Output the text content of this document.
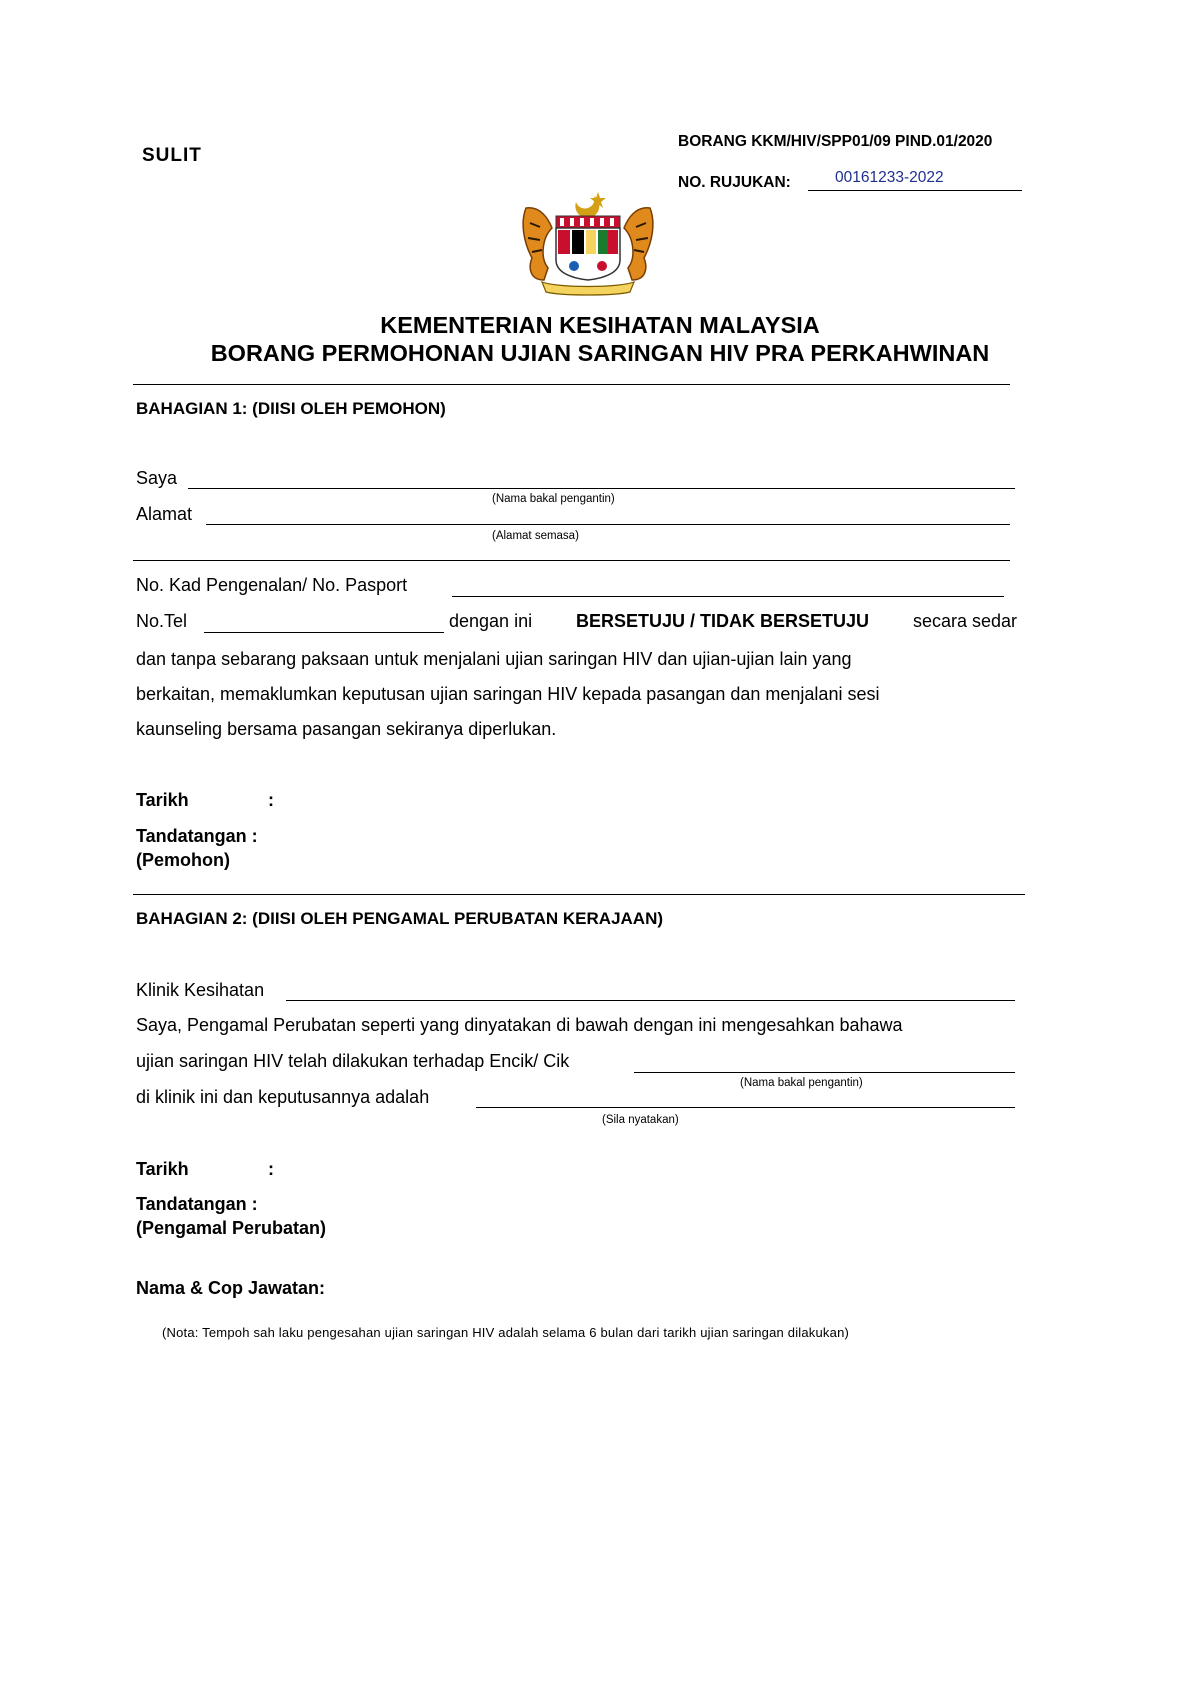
SULIT
BORANG KKM/HIV/SPP01/09 PIND.01/2020
NO. RUJUKAN:	00161233-2022
KEMENTERIAN KESIHATAN MALAYSIA
BORANG PERMOHONAN UJIAN SARINGAN HIV PRA PERKAHWINAN
BAHAGIAN 1: (DIISI OLEH PEMOHON)
Saya
(Nama bakal pengantin)
Alamat
(Alamat semasa)
No. Kad Pengenalan/ No. Pasport
No.Tel	dengan ini BERSETUJU / TIDAK BERSETUJU secara sedar
dan tanpa sebarang paksaan untuk menjalani ujian saringan HIV dan ujian-ujian lain yang
berkaitan, memaklumkan keputusan ujian saringan HIV kepada pasangan dan menjalani sesi
kaunseling bersama pasangan sekiranya diperlukan.
Tarikh	:
Tandatangan :
(Pemohon)
BAHAGIAN 2: (DIISI OLEH PENGAMAL PERUBATAN KERAJAAN)
Klinik Kesihatan
Saya, Pengamal Perubatan seperti yang dinyatakan di bawah dengan ini mengesahkan bahawa
ujian saringan HIV telah dilakukan terhadap Encik/ Cik
(Nama bakal pengantin)
di klinik ini dan keputusannya adalah
(Sila nyatakan)
Tarikh	:
Tandatangan :
(Pengamal Perubatan)
Nama & Cop Jawatan:
(Nota: Tempoh sah laku pengesahan ujian saringan HIV adalah selama 6 bulan dari tarikh ujian saringan dilakukan)
